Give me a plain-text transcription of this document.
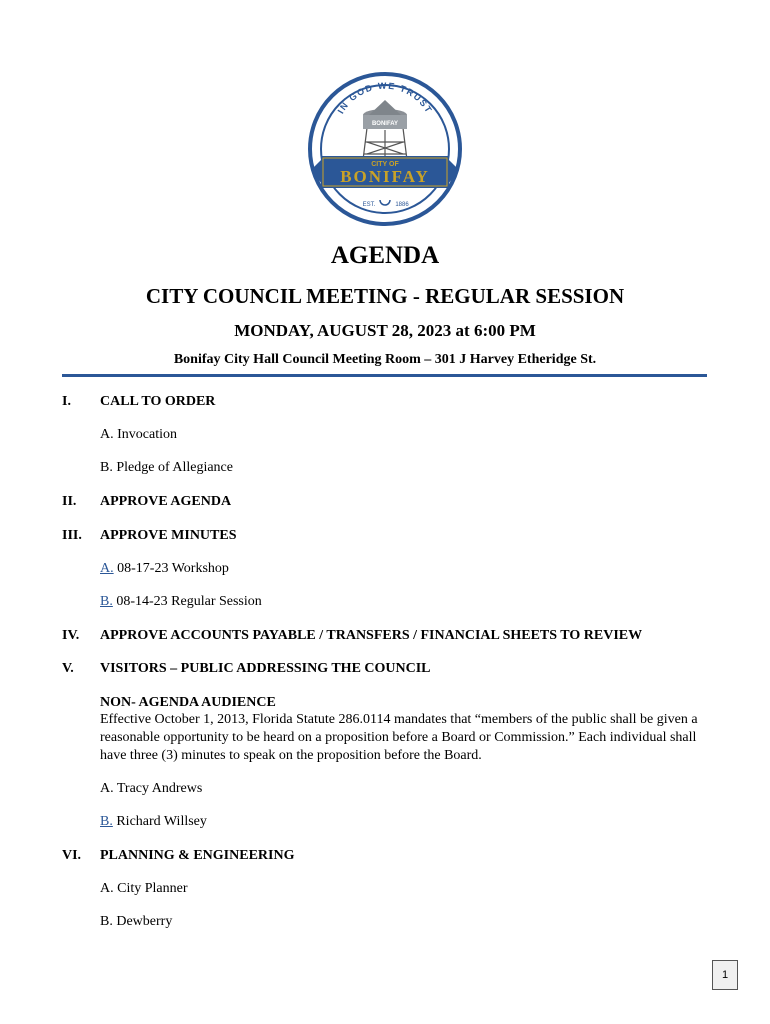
IN GOD WE TRUST
BONIFAY
CITY OF
BONIFAY
EST.	1886
AGENDA
CITY COUNCIL MEETING - REGULAR SESSION
MONDAY, AUGUST 28, 2023 at 6:00 PM
Bonifay City Hall Council Meeting Room – 301 J Harvey Etheridge St.
I. CALL TO ORDER
A. Invocation
B. Pledge of Allegiance
II. APPROVE AGENDA
III. APPROVE MINUTES
A. 08-17-23 Workshop
B. 08-14-23 Regular Session
IV. APPROVE ACCOUNTS PAYABLE / TRANSFERS / FINANCIAL SHEETS TO REVIEW
V. VISITORS – PUBLIC ADDRESSING THE COUNCIL
NON- AGENDA AUDIENCE
Effective October 1, 2013, Florida Statute 286.0114 mandates that “members of the public shall be given a reasonable opportunity to be heard on a proposition before a Board or Commission.” Each individual shall have three (3) minutes to speak on the proposition before the Board.
A. Tracy Andrews
B. Richard Willsey
VI. PLANNING & ENGINEERING
A. City Planner
B. Dewberry
1
